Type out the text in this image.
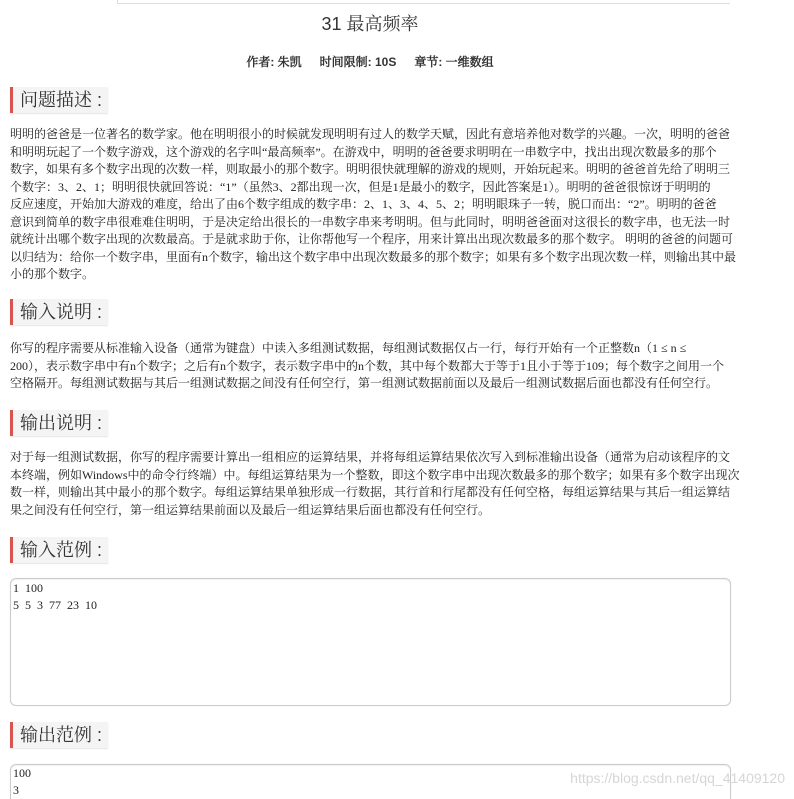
31 最高频率
作者: 朱凯 时间限制: 10S 章节: 一维数组
问题描述 :
明明的爸爸是一位著名的数学家。他在明明很小的时候就发现明明有过人的数学天赋，因此有意培养他对数学的兴趣。一次，明明的爸爸
和明明玩起了一个数字游戏，这个游戏的名字叫“最高频率”。在游戏中，明明的爸爸要求明明在一串数字中，找出出现次数最多的那个
数字，如果有多个数字出现的次数一样，则取最小的那个数字。明明很快就理解的游戏的规则，开始玩起来。明明的爸爸首先给了明明三
个数字：3、2、1；明明很快就回答说：“1”（虽然3、2都出现一次，但是1是最小的数字，因此答案是1）。明明的爸爸很惊讶于明明的
反应速度，开始加大游戏的难度，给出了由6个数字组成的数字串：2、1、3、4、5、2；明明眼珠子一转，脱口而出：“2”。明明的爸爸
意识到简单的数字串很难难住明明，于是决定给出很长的一串数字串来考明明。但与此同时，明明爸爸面对这很长的数字串，也无法一时
就统计出哪个数字出现的次数最高。于是就求助于你，让你帮他写一个程序，用来计算出出现次数最多的那个数字。 明明的爸爸的问题可
以归结为：给你一个数字串，里面有n个数字，输出这个数字串中出现次数最多的那个数字；如果有多个数字出现次数一样，则输出其中最
小的那个数字。
输入说明 :
你写的程序需要从标准输入设备（通常为键盘）中读入多组测试数据，每组测试数据仅占一行，每行开始有一个正整数n（1 ≤ n ≤
200），表示数字串中有n个数字；之后有n个数字，表示数字串中的n个数，其中每个数都大于等于1且小于等于109；每个数字之间用一个
空格隔开。每组测试数据与其后一组测试数据之间没有任何空行，第一组测试数据前面以及最后一组测试数据后面也都没有任何空行。
输出说明 :
对于每一组测试数据，你写的程序需要计算出一组相应的运算结果，并将每组运算结果依次写入到标准输出设备（通常为启动该程序的文
本终端，例如Windows中的命令行终端）中。每组运算结果为一个整数，即这个数字串中出现次数最多的那个数字；如果有多个数字出现次
数一样，则输出其中最小的那个数字。每组运算结果单独形成一行数据，其行首和行尾都没有任何空格，每组运算结果与其后一组运算结
果之间没有任何空行，第一组运算结果前面以及最后一组运算结果后面也都没有任何空行。
输入范例 :
1 100
5 5 3 77 23 10
输出范例 :
100
3
https://blog.csdn.net/qq_41409120
